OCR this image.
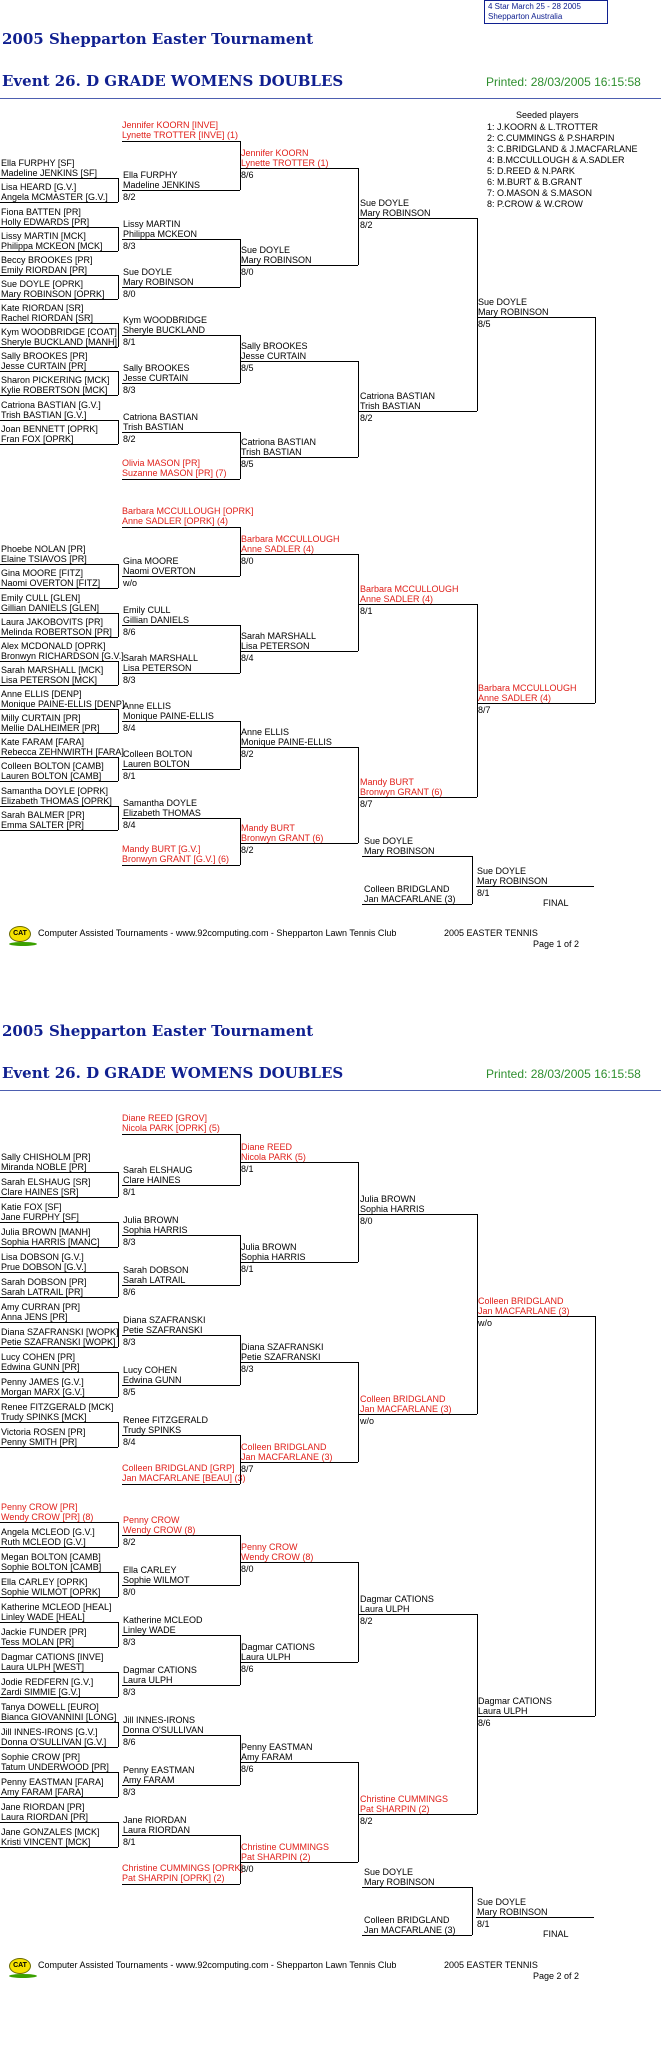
4 Star March 25 - 28 2005
Shepparton Australia
2005 Shepparton Easter Tournament
Event 26. D GRADE WOMENS DOUBLES	Printed: 28/03/2005 16:15:58
Seeded players
1: J.KOORN & L.TROTTER
2: C.CUMMINGS & P.SHARPIN
3: C.BRIDGLAND & J.MACFARLANE
4: B.MCCULLOUGH & A.SADLER
5: D.REED & N.PARK
6: M.BURT & B.GRANT
7: O.MASON & S.MASON
8: P.CROW & W.CROW
Jennifer KOORN [INVE]
Lynette TROTTER [INVE] (1)
Ella FURPHY [SF]
Madeline JENKINS [SF]
Lisa HEARD [G.V.]
Angela MCMASTER [G.V.]
Fiona BATTEN [PR]
Holly EDWARDS [PR]
Lissy MARTIN [MCK]
Philippa MCKEON [MCK]
Beccy BROOKES [PR]
Emily RIORDAN [PR]
Sue DOYLE [OPRK]
Mary ROBINSON [OPRK]
Kate RIORDAN [SR]
Rachel RIORDAN [SR]
Kym WOODBRIDGE [COAT]
Sheryle BUCKLAND [MANH]
Sally BROOKES [PR]
Jesse CURTAIN [PR]
Sharon PICKERING [MCK]
Kylie ROBERTSON [MCK]
Catriona BASTIAN [G.V.]
Trish BASTIAN [G.V.]
Joan BENNETT [OPRK]
Fran FOX [OPRK]
Olivia MASON [PR]
Suzanne MASON [PR] (7)
Barbara MCCULLOUGH [OPRK]
Anne SADLER [OPRK] (4)
Phoebe NOLAN [PR]
Elaine TSIAVOS [PR]
Gina MOORE [FITZ]
Naomi OVERTON [FITZ]
Emily CULL [GLEN]
Gillian DANIELS [GLEN]
Laura JAKOBOVITS [PR]
Melinda ROBERTSON [PR]
Alex MCDONALD [OPRK]
Bronwyn RICHARDSON [G.V.]
Sarah MARSHALL [MCK]
Lisa PETERSON [MCK]
Anne ELLIS [DENP]
Monique PAINE-ELLIS [DENP]
Milly CURTAIN [PR]
Mellie DALHEIMER [PR]
Kate FARAM [FARA]
Rebecca ZEHNWIRTH [FARA]
Colleen BOLTON [CAMB]
Lauren BOLTON [CAMB]
Samantha DOYLE [OPRK]
Elizabeth THOMAS [OPRK]
Sarah BALMER [PR]
Emma SALTER [PR]
Mandy BURT [G.V.]
Bronwyn GRANT [G.V.] (6)
Ella FURPHY
Madeline JENKINS
8/2
Lissy MARTIN
Philippa MCKEON
8/3
Sue DOYLE
Mary ROBINSON
8/0
Kym WOODBRIDGE
Sheryle BUCKLAND
8/1
Sally BROOKES
Jesse CURTAIN
8/3
Catriona BASTIAN
Trish BASTIAN
8/2
Gina MOORE
Naomi OVERTON
w/o
Emily CULL
Gillian DANIELS
8/6
Sarah MARSHALL
Lisa PETERSON
8/3
Anne ELLIS
Monique PAINE-ELLIS
8/4
Colleen BOLTON
Lauren BOLTON
8/1
Samantha DOYLE
Elizabeth THOMAS
8/4
Jennifer KOORN
Lynette TROTTER (1)
8/6
Sue DOYLE
Mary ROBINSON
8/0
Sally BROOKES
Jesse CURTAIN
8/5
Catriona BASTIAN
Trish BASTIAN
8/5
Barbara MCCULLOUGH
Anne SADLER (4)
8/0
Sarah MARSHALL
Lisa PETERSON
8/4
Anne ELLIS
Monique PAINE-ELLIS
8/2
Mandy BURT
Bronwyn GRANT (6)
8/2
Sue DOYLE
Mary ROBINSON
8/2
Catriona BASTIAN
Trish BASTIAN
8/2
Barbara MCCULLOUGH
Anne SADLER (4)
8/1
Mandy BURT
Bronwyn GRANT (6)
8/7
Sue DOYLE
Mary ROBINSON
8/5
Barbara MCCULLOUGH
Anne SADLER (4)
8/7
Sue DOYLE
Mary ROBINSON
Colleen BRIDGLAND
Jan MACFARLANE (3)
Sue DOYLE
Mary ROBINSON
8/1
FINAL
CAT	Computer Assisted Tournaments - www.92computing.com - Shepparton Lawn Tennis Club	2005 EASTER TENNIS
Page 1 of 2
2005 Shepparton Easter Tournament
Event 26. D GRADE WOMENS DOUBLES	Printed: 28/03/2005 16:15:58
Diane REED [GROV]
Nicola PARK [OPRK] (5)
Sally CHISHOLM [PR]
Miranda NOBLE [PR]
Sarah ELSHAUG [SR]
Clare HAINES [SR]
Katie FOX [SF]
Jane FURPHY [SF]
Julia BROWN [MANH]
Sophia HARRIS [MANC]
Lisa DOBSON [G.V.]
Prue DOBSON [G.V.]
Sarah DOBSON [PR]
Sarah LATRAIL [PR]
Amy CURRAN [PR]
Anna JENS [PR]
Diana SZAFRANSKI [WOPK]
Petie SZAFRANSKI [WOPK]
Lucy COHEN [PR]
Edwina GUNN [PR]
Penny JAMES [G.V.]
Morgan MARX [G.V.]
Renee FITZGERALD [MCK]
Trudy SPINKS [MCK]
Victoria ROSEN [PR]
Penny SMITH [PR]
Colleen BRIDGLAND [GRP]
Jan MACFARLANE [BEAU] (3)
Penny CROW [PR]
Wendy CROW [PR] (8)
Angela MCLEOD [G.V.]
Ruth MCLEOD [G.V.]
Megan BOLTON [CAMB]
Sophie BOLTON [CAMB]
Ella CARLEY [OPRK]
Sophie WILMOT [OPRK]
Katherine MCLEOD [HEAL]
Linley WADE [HEAL]
Jackie FUNDER [PR]
Tess MOLAN [PR]
Dagmar CATIONS [INVE]
Laura ULPH [WEST]
Jodie REDFERN [G.V.]
Zardi SIMMIE [G.V.]
Tanya DOWELL [EURO]
Bianca GIOVANNINI [LONG]
Jill INNES-IRONS [G.V.]
Donna O'SULLIVAN [G.V.]
Sophie CROW [PR]
Tatum UNDERWOOD [PR]
Penny EASTMAN [FARA]
Amy FARAM [FARA]
Jane RIORDAN [PR]
Laura RIORDAN [PR]
Jane GONZALES [MCK]
Kristi VINCENT [MCK]
Christine CUMMINGS [OPRK]
Pat SHARPIN [OPRK] (2)
Sarah ELSHAUG
Clare HAINES
8/1
Julia BROWN
Sophia HARRIS
8/3
Sarah DOBSON
Sarah LATRAIL
8/6
Diana SZAFRANSKI
Petie SZAFRANSKI
8/3
Lucy COHEN
Edwina GUNN
8/5
Renee FITZGERALD
Trudy SPINKS
8/4
Penny CROW
Wendy CROW (8)
8/2
Ella CARLEY
Sophie WILMOT
8/0
Katherine MCLEOD
Linley WADE
8/3
Dagmar CATIONS
Laura ULPH
8/3
Jill INNES-IRONS
Donna O'SULLIVAN
8/6
Penny EASTMAN
Amy FARAM
8/3
Jane RIORDAN
Laura RIORDAN
8/1
Diane REED
Nicola PARK (5)
8/1
Julia BROWN
Sophia HARRIS
8/1
Diana SZAFRANSKI
Petie SZAFRANSKI
8/3
Colleen BRIDGLAND
Jan MACFARLANE (3)
8/7
Penny CROW
Wendy CROW (8)
8/0
Dagmar CATIONS
Laura ULPH
8/6
Penny EASTMAN
Amy FARAM
8/6
Christine CUMMINGS
Pat SHARPIN (2)
8/0
Julia BROWN
Sophia HARRIS
8/0
Colleen BRIDGLAND
Jan MACFARLANE (3)
w/o
Dagmar CATIONS
Laura ULPH
8/2
Christine CUMMINGS
Pat SHARPIN (2)
8/2
Colleen BRIDGLAND
Jan MACFARLANE (3)
w/o
Dagmar CATIONS
Laura ULPH
8/6
Sue DOYLE
Mary ROBINSON
Colleen BRIDGLAND
Jan MACFARLANE (3)
Sue DOYLE
Mary ROBINSON
8/1
FINAL
CAT	Computer Assisted Tournaments - www.92computing.com - Shepparton Lawn Tennis Club	2005 EASTER TENNIS
Page 2 of 2
